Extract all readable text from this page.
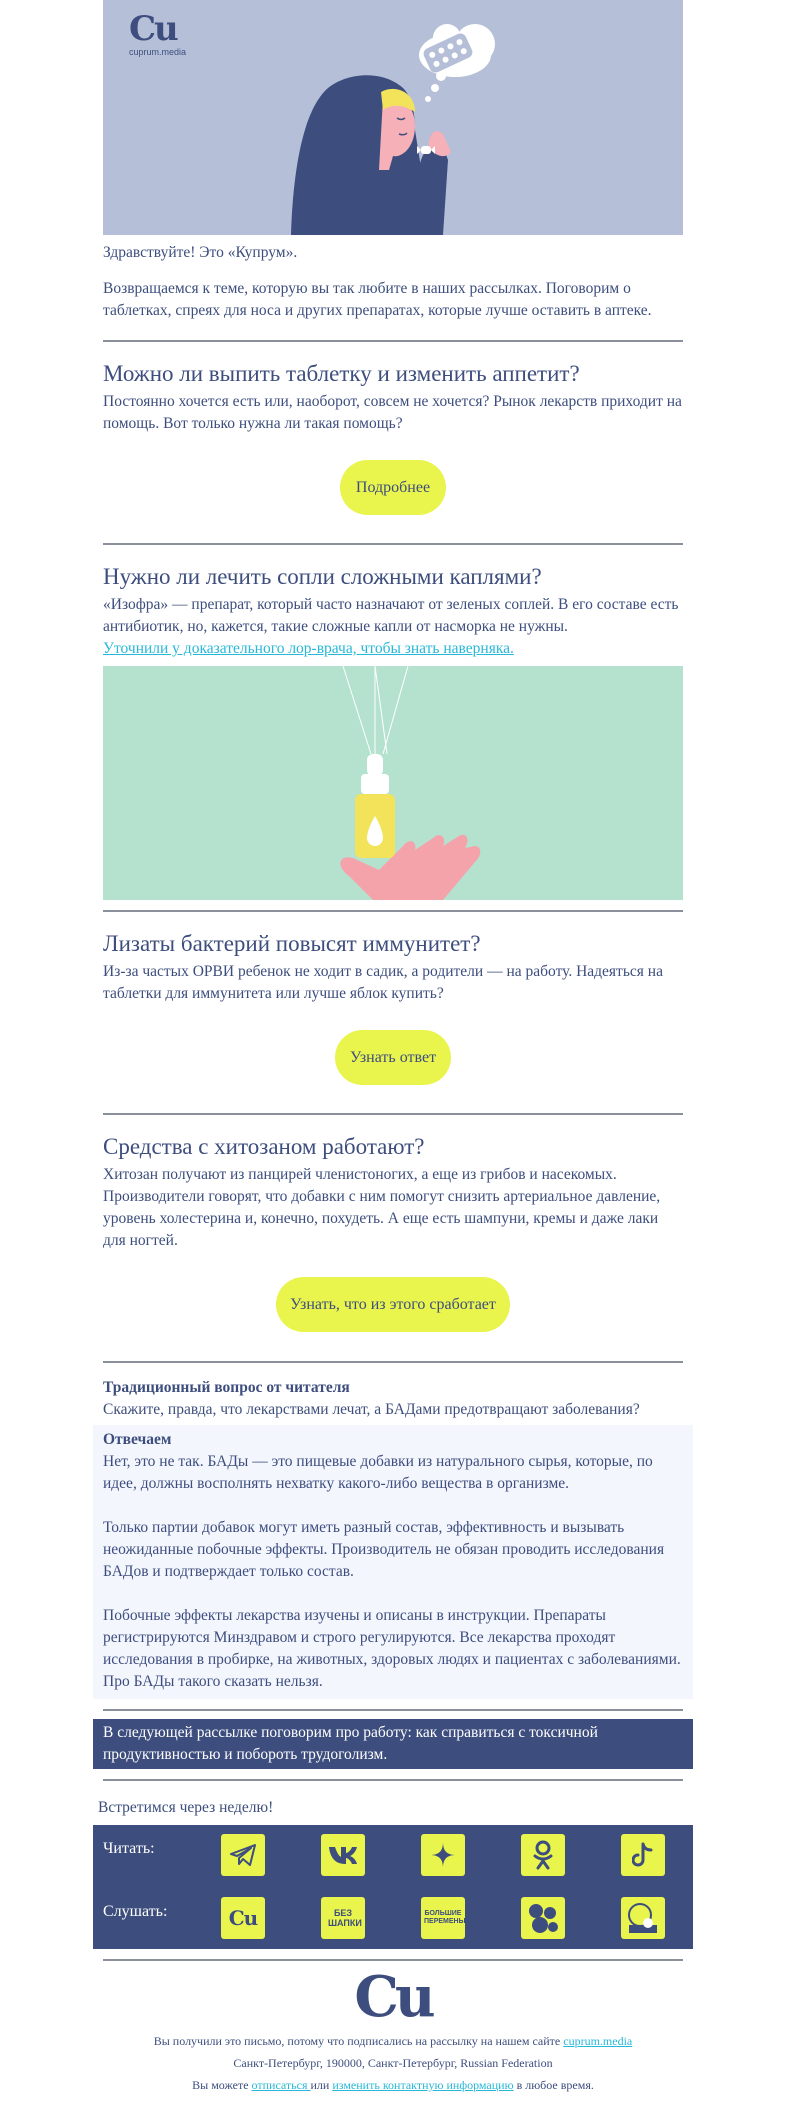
Cu
cuprum.media

Здравствуйте! Это «Купрум».

Возвращаемся к теме, которую вы так любите в наших рассылках. Поговорим о таблетках, спреях для носа и других препаратах, которые лучше оставить в аптеке.

Можно ли выпить таблетку и изменить аппетит?

Постоянно хочется есть или, наоборот, совсем не хочется? Рынок лекарств приходит на помощь. Вот только нужна ли такая помощь?

Подробнее
Нужно ли лечить сопли сложными каплями?

«Изофра» — препарат, который часто назначают от зеленых соплей. В его составе есть антибиотик, но, кажется, такие сложные капли от насморка не нужны.
Уточнили у доказательного лор-врача, чтобы знать наверняка.

Лизаты бактерий повысят иммунитет?

Из-за частых ОРВИ ребенок не ходит в садик, а родители — на работу. Надеяться на таблетки для иммунитета или лучше яблок купить?

Узнать ответ
Средства с хитозаном работают?

Хитозан получают из панцирей членистоногих, а еще из грибов и насекомых. Производители говорят, что добавки с ним помогут снизить артериальное давление, уровень холестерина и, конечно, похудеть. А еще есть шампуни, кремы и даже лаки для ногтей.

Узнать, что из этого сработает

Традиционный вопрос от читателя

Скажите, правда, что лекарствами лечат, а БАДами предотвращают заболевания?

Отвечаем

Нет, это не так. БАДы — это пищевые добавки из натурального сырья, которые, по идее, должны восполнять нехватку какого-либо вещества в организме.

Только партии добавок могут иметь разный состав, эффективность и вызывать неожиданные побочные эффекты. Производитель не обязан проводить исследования БАДов и подтверждает только состав.

Побочные эффекты лекарства изучены и описаны в инструкции. Препараты регистрируются Минздравом и строго регулируются. Все лекарства проходят исследования в пробирке, на животных, здоровых людях и пациентах с заболеваниями. Про БАДы такого сказать нельзя.

В следующей рассылке поговорим про работу: как справиться с токсичной продуктивностью и побороть трудоголизм.

Встретимся через неделю!

Читать:
Слушать:	Cu	БЕЗ ШАПКИ
БОЛЬШИЕ ПЕРЕМЕНЫ
Cu
Вы получили это письмо, потому что подписались на рассылку на нашем сайте cuprum.media
Санкт-Петербург, 190000, Санкт-Петербург, Russian Federation
Вы можете отписаться или изменить контактную информацию в любое время.
